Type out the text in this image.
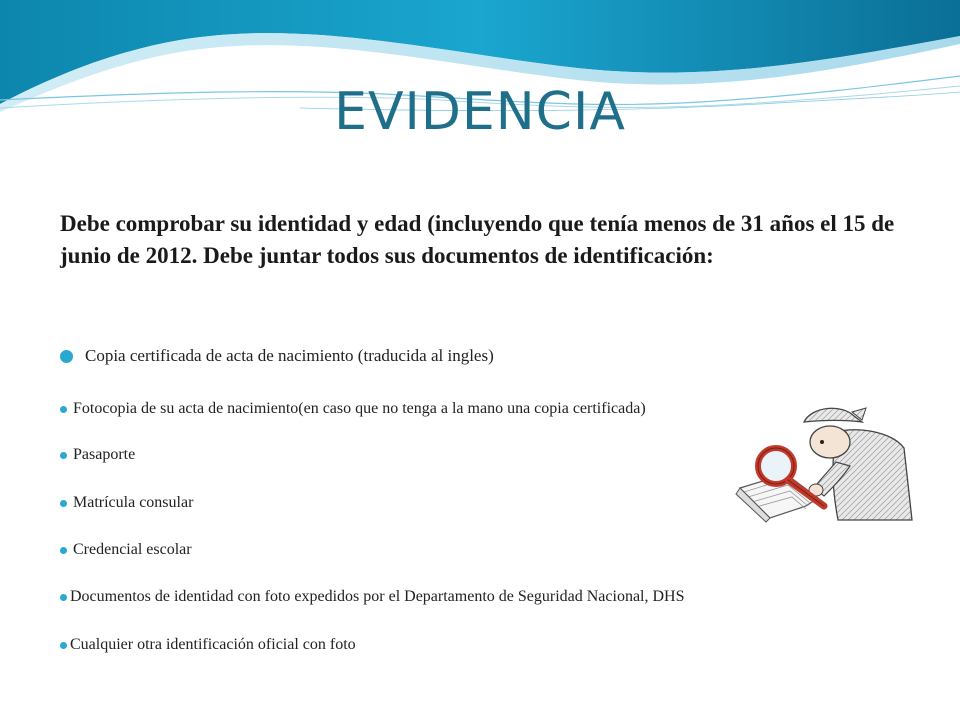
EVIDENCIA
Debe comprobar su identidad y edad (incluyendo que tenía menos de 31 años el 15 de junio de 2012. Debe juntar todos sus documentos de identificación:
Copia certificada de acta de nacimiento (traducida al ingles)
Fotocopia de su acta de nacimiento(en caso que no tenga a la mano una copia certificada)
Pasaporte
Matrícula consular
Credencial escolar
Documentos de identidad con foto expedidos por el Departamento de Seguridad Nacional, DHS
Cualquier otra identificación oficial con foto
